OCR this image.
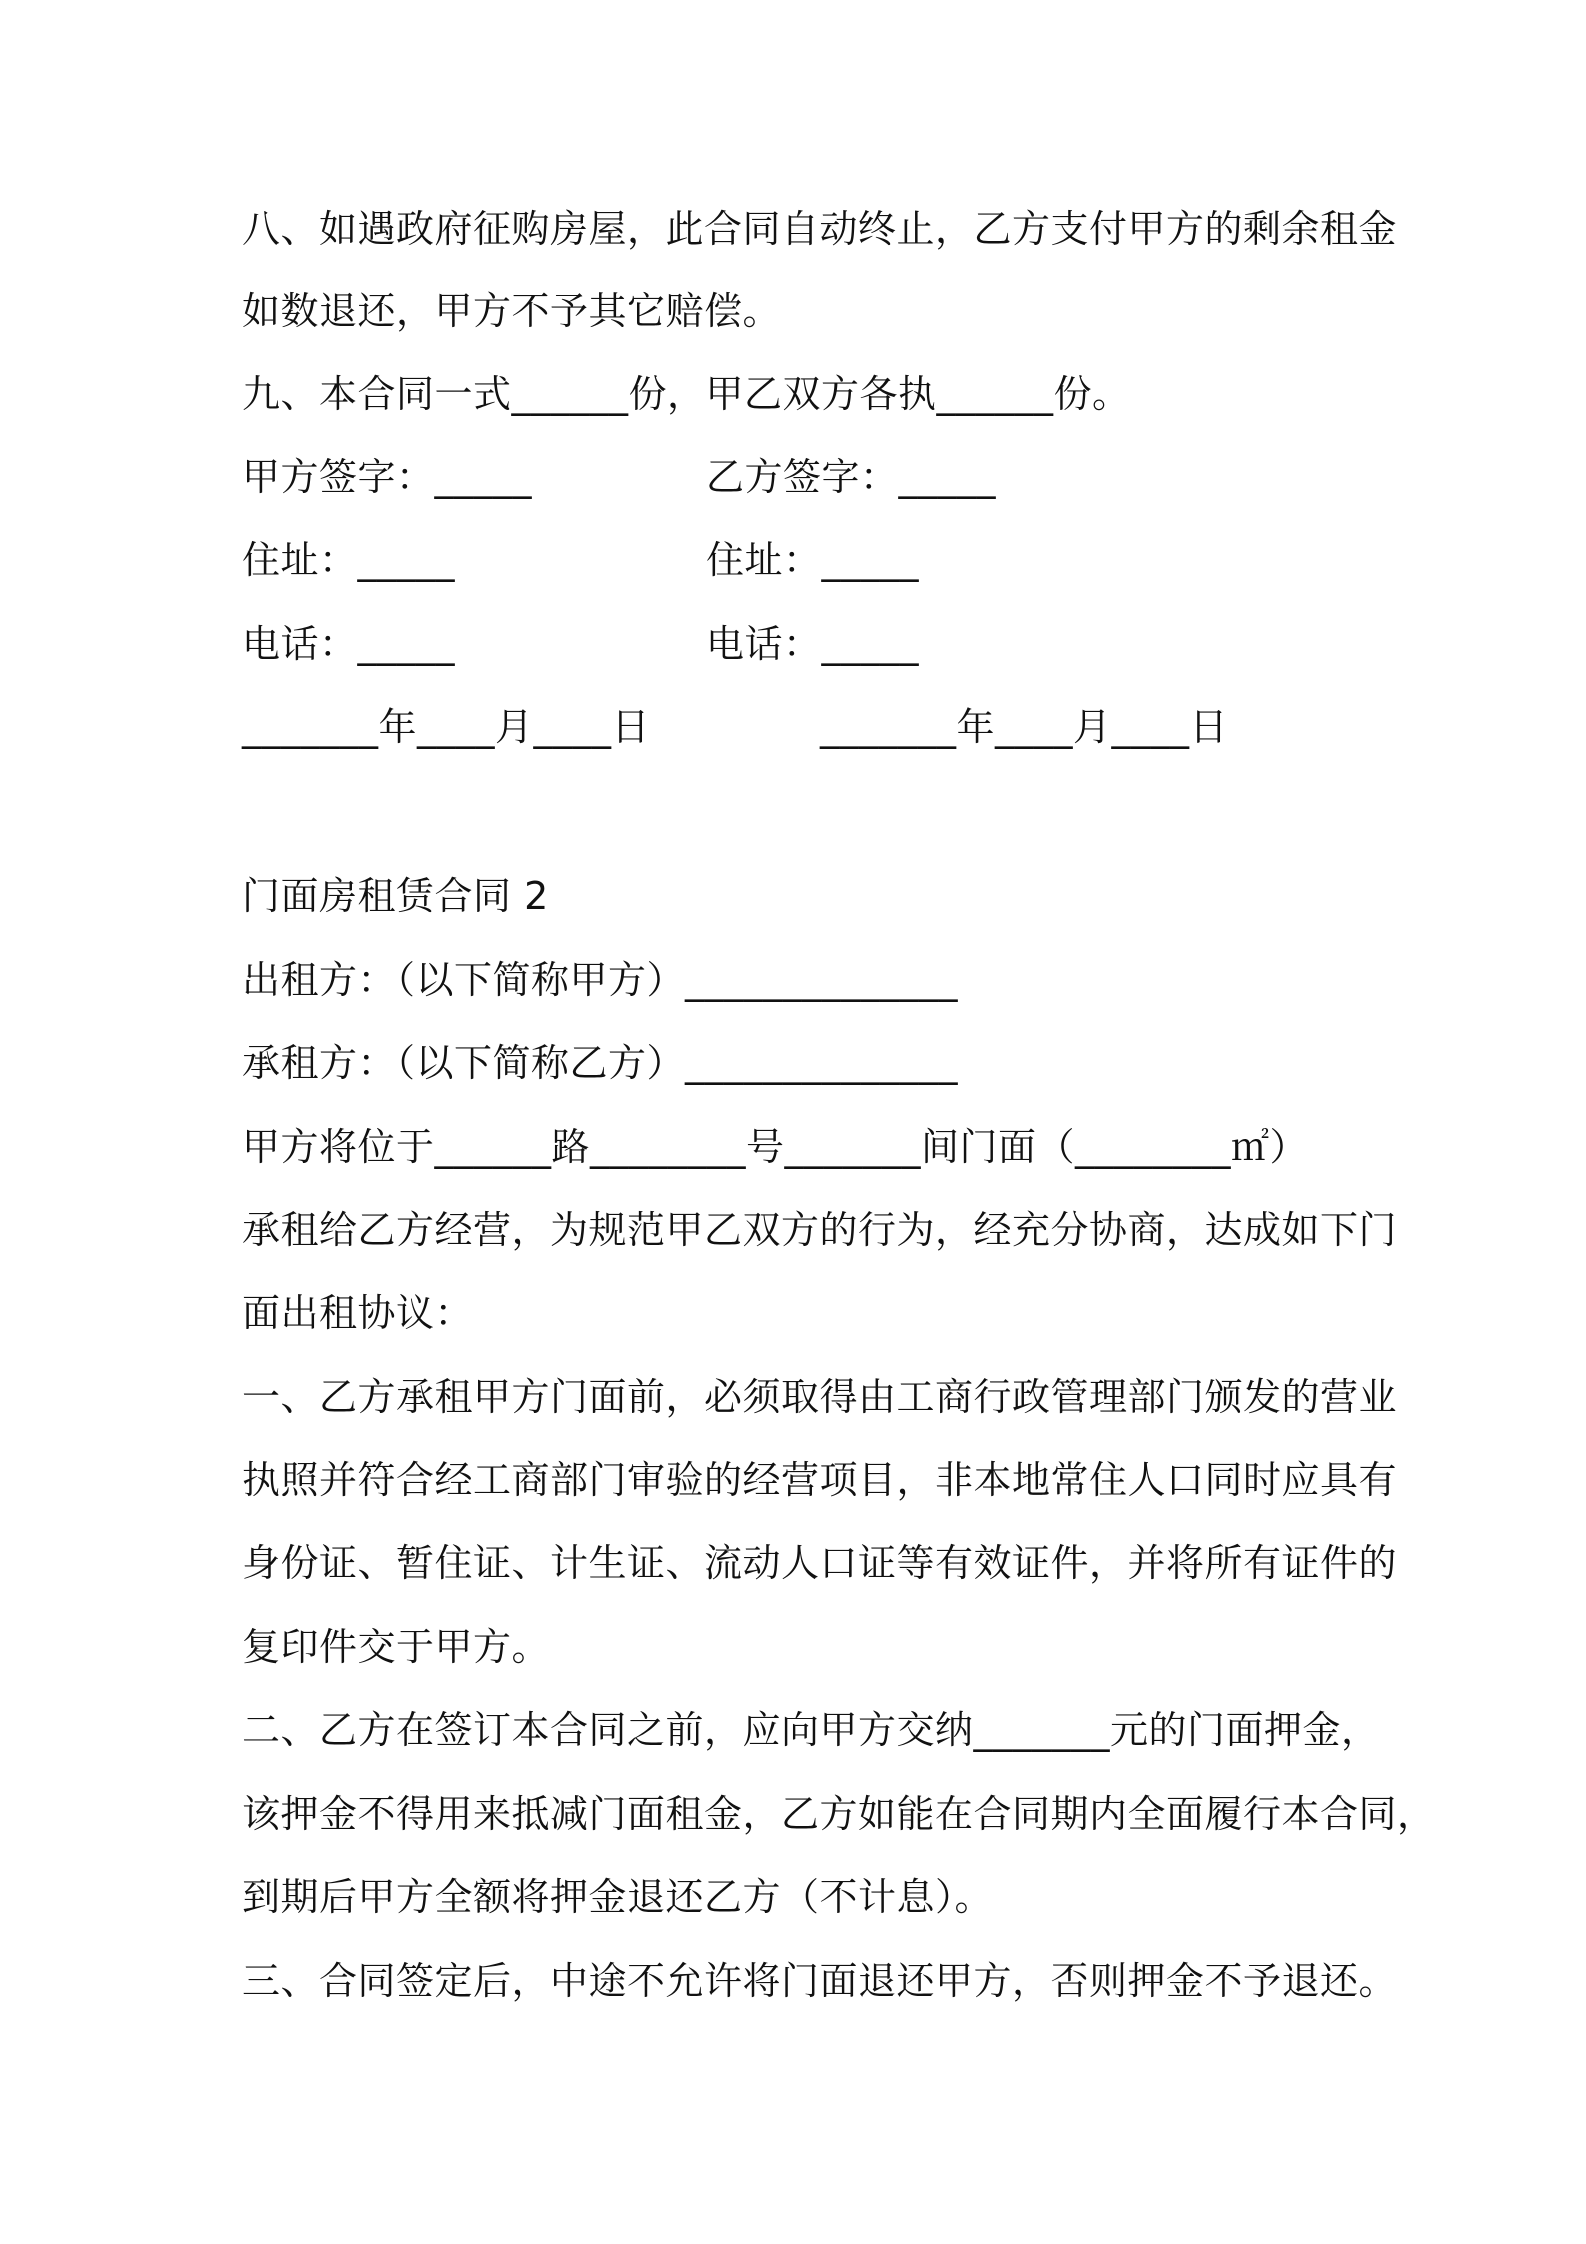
八、如遇政府征购房屋，此合同自动终止，乙方支付甲方的剩余租金
如数退还，甲方不予其它赔偿。
九、本合同一式______份，甲乙双方各执______份。
甲方签字：_____	乙方签字：_____
住址：_____	住址：_____
电话：_____	电话：_____
_______年____月____日	_______年____月____日
门面房租赁合同 2
出租方：（以下简称甲方）______________
承租方：（以下简称乙方）______________
甲方将位于______路________号_______间门面（________㎡）
承租给乙方经营，为规范甲乙双方的行为，经充分协商，达成如下门
面出租协议：
一、乙方承租甲方门面前，必须取得由工商行政管理部门颁发的营业
执照并符合经工商部门审验的经营项目，非本地常住人口同时应具有
身份证、暂住证、计生证、流动人口证等有效证件，并将所有证件的
复印件交于甲方。
二、乙方在签订本合同之前，应向甲方交纳_______元的门面押金，
该押金不得用来抵减门面租金，乙方如能在合同期内全面履行本合同，
到期后甲方全额将押金退还乙方（不计息）。
三、合同签定后，中途不允许将门面退还甲方，否则押金不予退还。
